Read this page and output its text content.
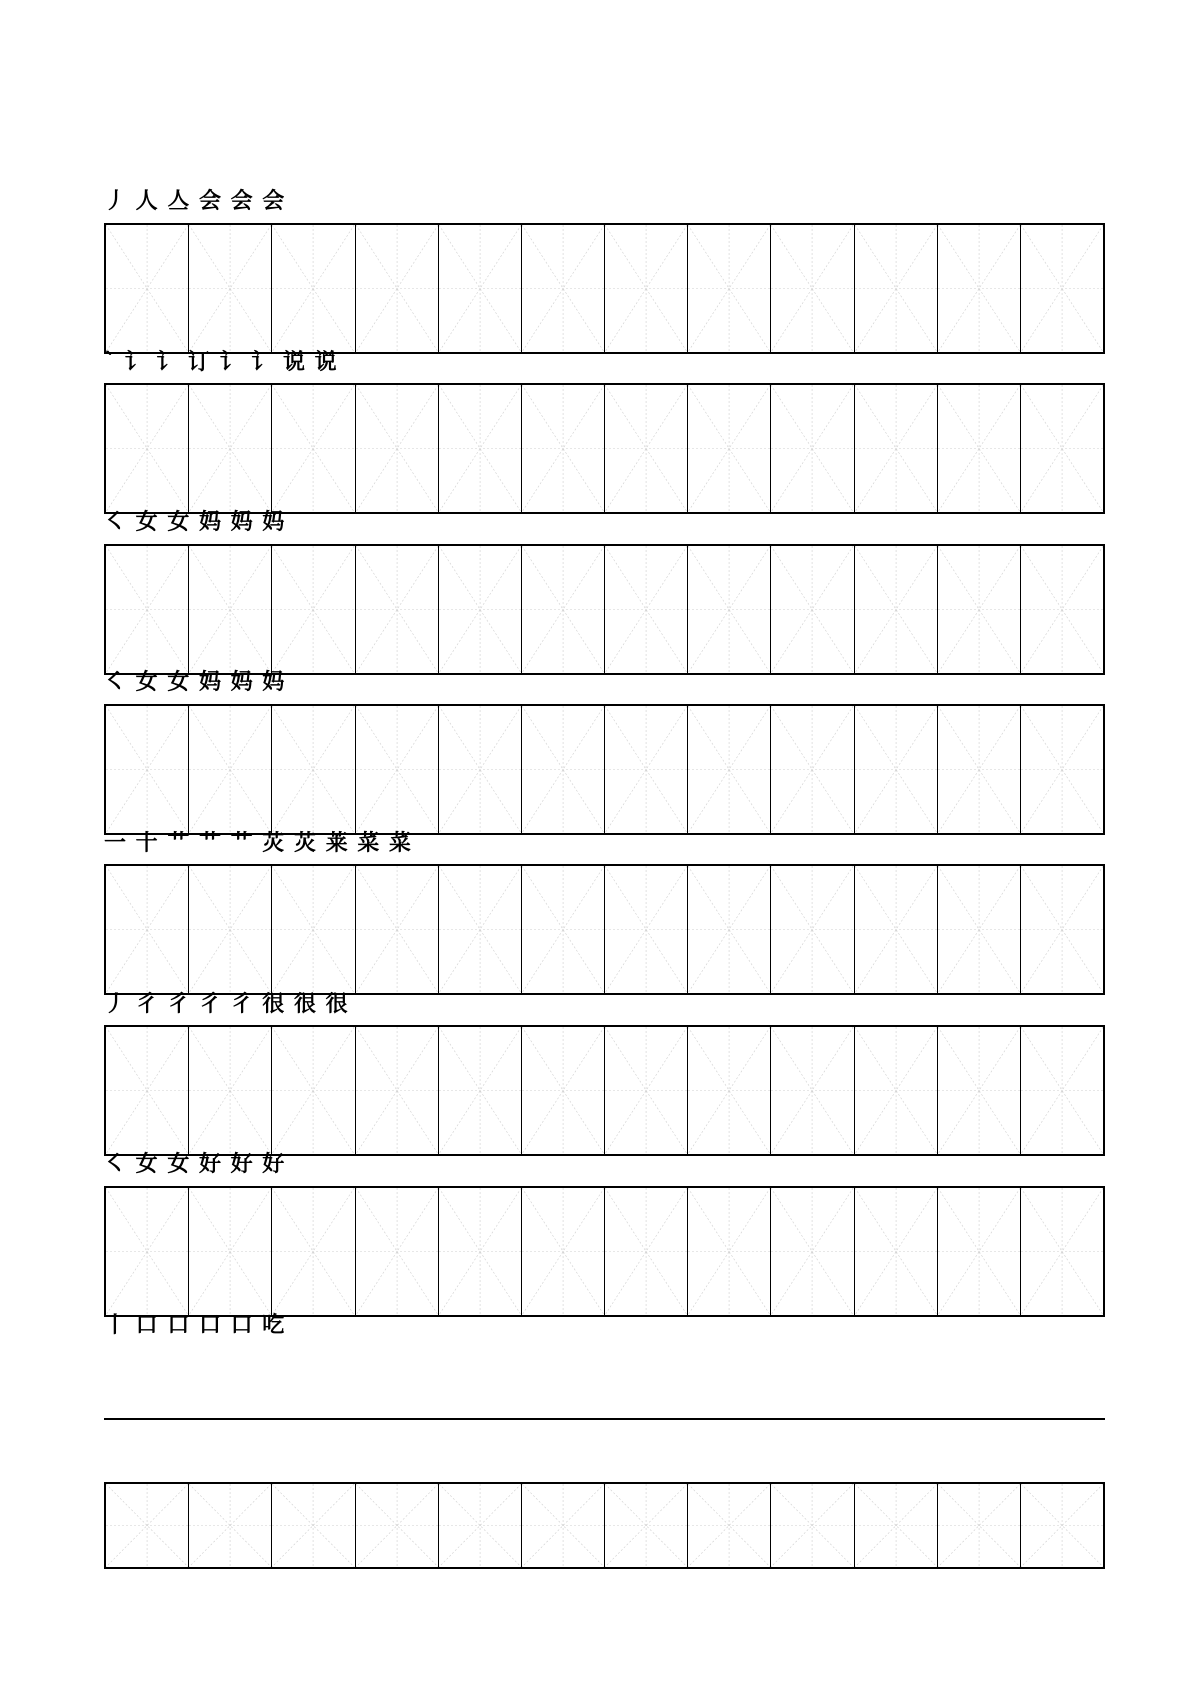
丿 人 亼 会 会 会
` 讠 讠 订 讠 讠 说 说
㇛ 女 女 妈 妈 妈
㇛ 女 女 妈 妈 妈
一 十 艹 艹 艹 苂 苂 莱 菜 菜
丿 彳 彳 彳 彳 很 很 很
㇛ 女 女 好 好 好
丨 口 口 口 口 吃
